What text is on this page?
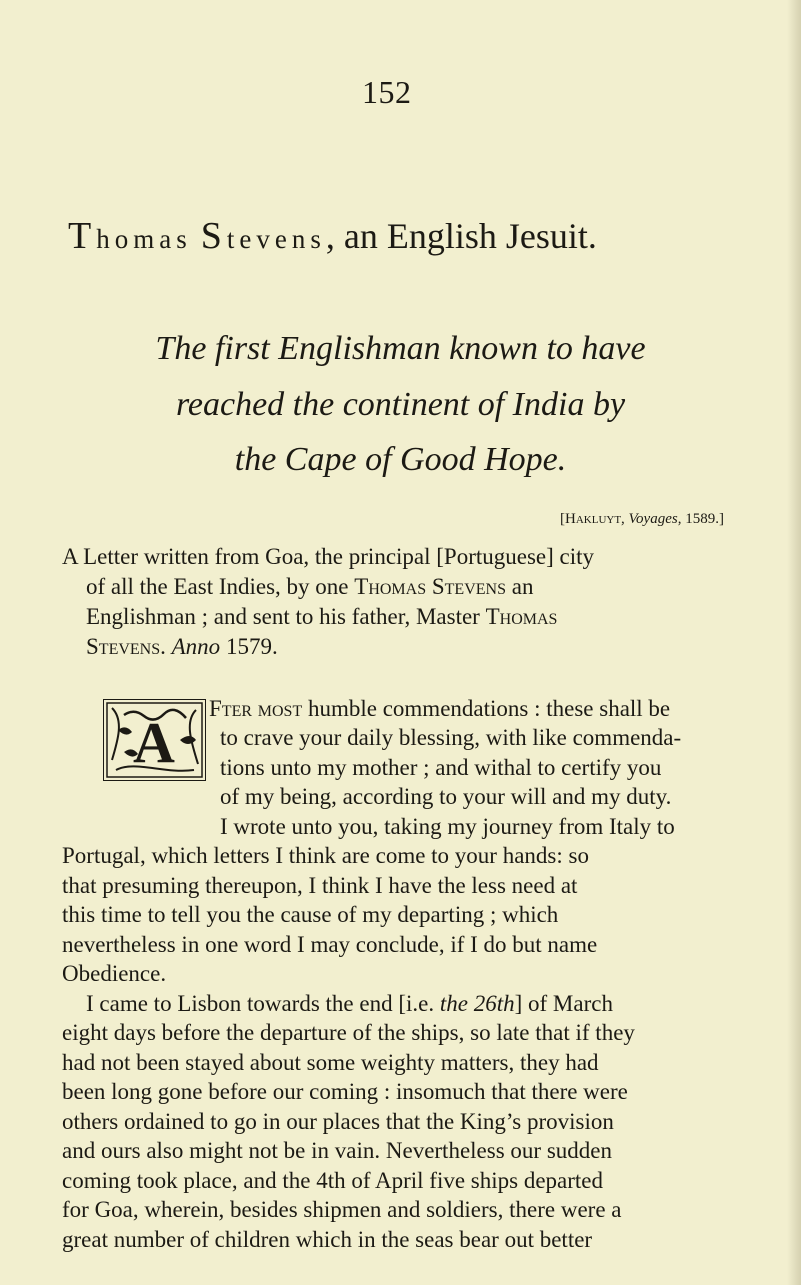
152
Thomas Stevens, an English Jesuit.
The first Englishman known to have
reached the continent of India by
the Cape of Good Hope.
[Hakluyt, Voyages, 1589.]
A Letter written from Goa, the principal [Portuguese] city
of all the East Indies, by one Thomas Stevens an
Englishman ; and sent to his father, Master Thomas
Stevens. Anno 1579.
A
Fter most humble commendations : these shall be
to crave your daily blessing, with like commenda-
tions unto my mother ; and withal to certify you
of my being, according to your will and my duty.
I wrote unto you, taking my journey from Italy to
Portugal, which letters I think are come to your hands: so
that presuming thereupon, I think I have the less need at
this time to tell you the cause of my departing ; which
nevertheless in one word I may conclude, if I do but name
Obedience.
I came to Lisbon towards the end [i.e. the 26th] of March
eight days before the departure of the ships, so late that if they
had not been stayed about some weighty matters, they had
been long gone before our coming : insomuch that there were
others ordained to go in our places that the King’s provision
and ours also might not be in vain. Nevertheless our sudden
coming took place, and the 4th of April five ships departed
for Goa, wherein, besides shipmen and soldiers, there were a
great number of children which in the seas bear out better
